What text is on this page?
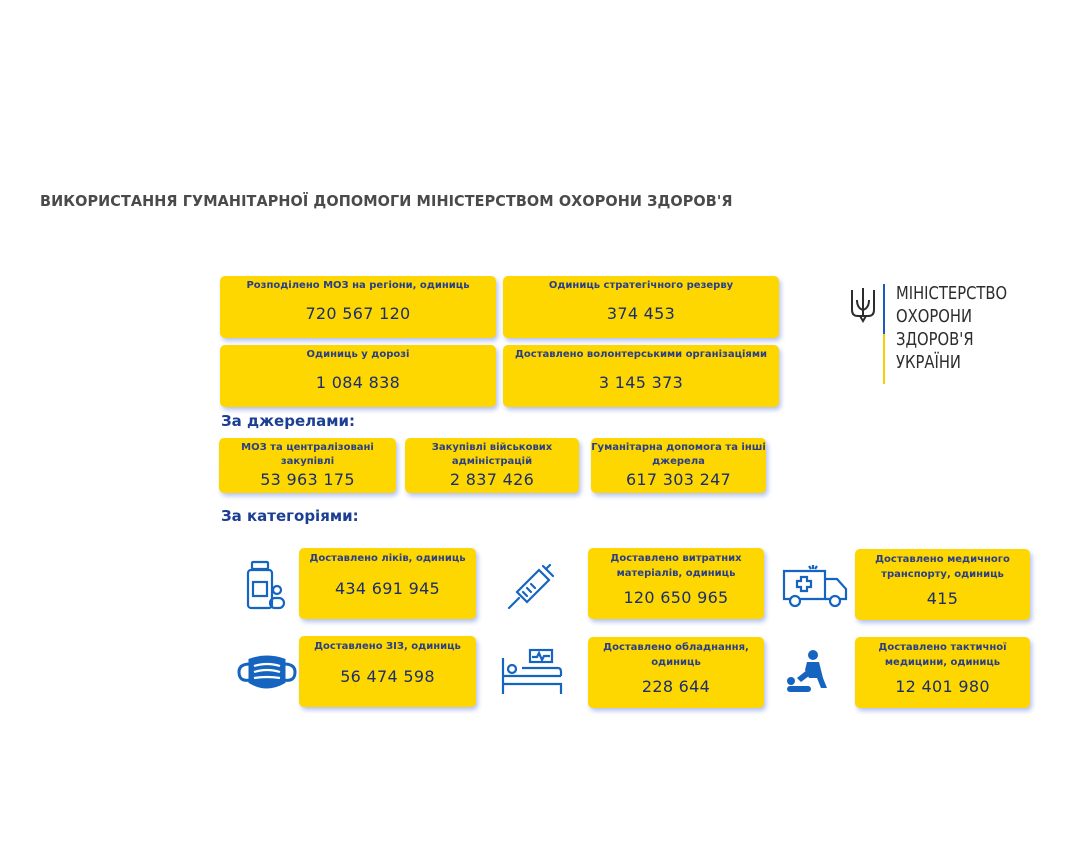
ВИКОРИСТАННЯ ГУМАНІТАРНОЇ ДОПОМОГИ МІНІСТЕРСТВОМ ОХОРОНИ ЗДОРОВ'Я
МІНІСТЕРСТВО
ОХОРОНИ
ЗДОРОВ'Я
УКРАЇНИ
Розподілено МОЗ на регіони, одиниць
720 567 120
Одиниць стратегічного резерву
374 453
Одиниць у дорозі
1 084 838
Доставлено волонтерськими організаціями
3 145 373
За джерелами:
МОЗ та централізовані
закупівлі
53 963 175
Закупівлі військових
адміністрацій
2 837 426
Гуманітарна допомога та інші
джерела
617 303 247
За категоріями:
Доставлено ліків, одиниць
434 691 945
Доставлено витратних
матеріалів, одиниць
120 650 965
Доставлено медичного
транспорту, одиниць
415
Доставлено ЗІЗ, одиниць
56 474 598
Доставлено обладнання,
одиниць
228 644
Доставлено тактичної
медицини, одиниць
12 401 980
